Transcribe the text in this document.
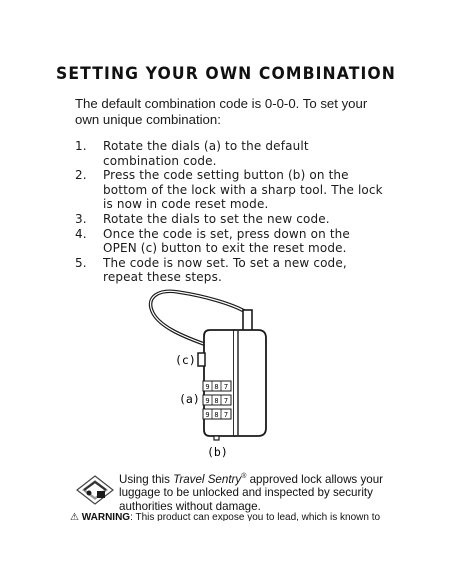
SETTING YOUR OWN COMBINATION
The default combination code is 0-0-0. To set your own unique combination:
1. Rotate the dials (a) to the default combination code.
2. Press the code setting button (b) on the bottom of the lock with a sharp tool. The lock is now in code reset mode.
3. Rotate the dials to set the new code.
4. Once the code is set, press down on the OPEN (c) button to exit the reset mode.
5. The code is now set. To set a new code, repeat these steps.
9 8 7
9 8 7
9 8 7
(c)
(a)
(b)
Using this Travel Sentry® approved lock allows your luggage to be unlocked and inspected by security authorities without damage.
⚠ WARNING: This product can expose you to lead, which is known to
